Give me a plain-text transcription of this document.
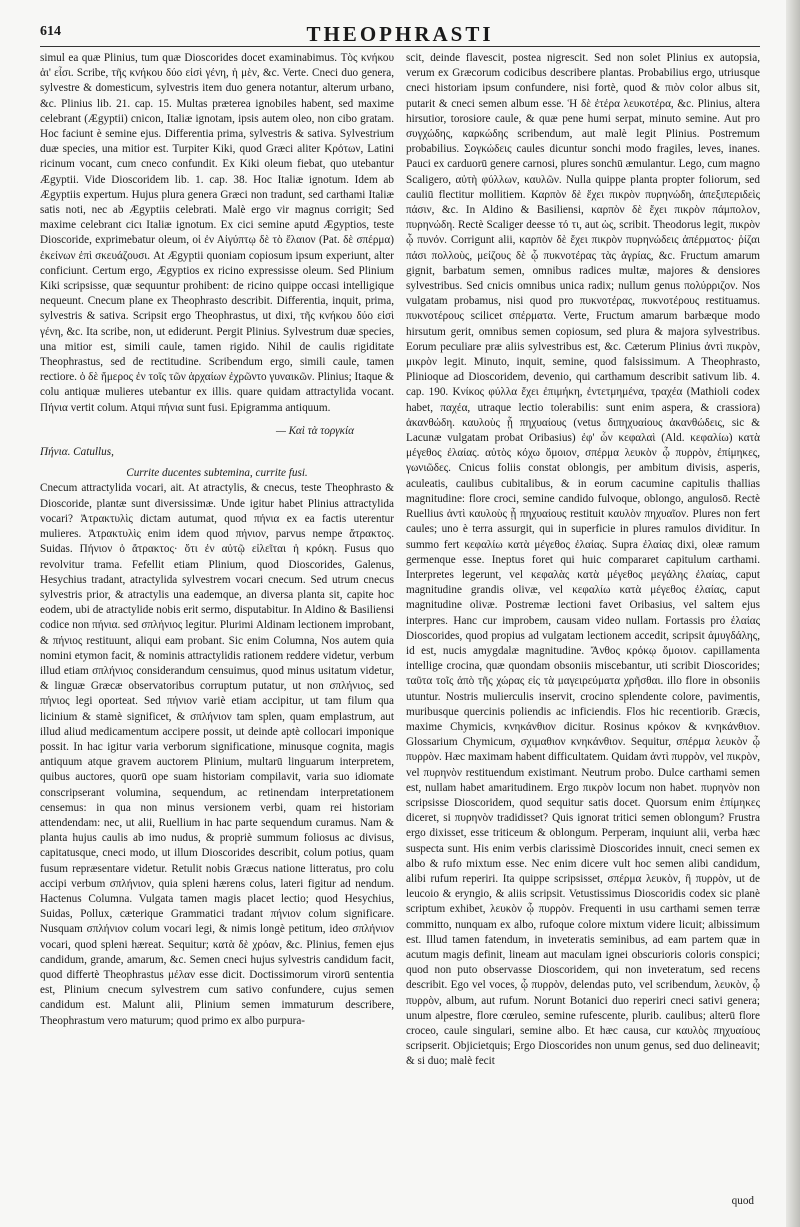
614	THEOPHRASTI

simul ea quæ Plinius, tum quæ Dioscorides docet examinabimus. Τὸς κνήκου ἁι' εἶσι. Scribe, τῆς κνήκου δύο εἰσὶ γένη, ἡ μὲν, &c. Verte. Cneci duo genera, sylvestre & domesticum, sylvestris item duo genera notantur, alterum urbano, &c. Plinius lib. 21. cap. 15. Multas præterea ignobiles habent, sed maxime celebrant (Ægyptii) cnicon, Italiæ ignotam, ipsis autem oleo, non cibo gratam. Hoc faciunt è semine ejus. Differentia prima, sylvestris & sativa. Sylvestrium duæ species, una mitior est. Turpiter Kiki, quod Græci aliter Κρότων, Latini ricinum vocant, cum cneco confundit. Ex Kiki oleum fiebat, quo utebantur Ægyptii. Vide Dioscoridem lib. 1. cap. 38. Hoc Italiæ ignotum. Idem ab Ægyptiis expertum. Hujus plura genera Græci non tradunt, sed carthami Italiæ satis noti, nec ab Ægyptiis celebrati. Malè ergo vir magnus corrigit; Sed maxime celebrant cicι Italiæ ignotum. Ex cici semine aputd Ægyptios, teste Dioscoride, exprimebatur oleum, οἱ ἐν Αἰγύπτῳ δὲ τὸ ἔλαιον (Pat. δὲ σπέρμα) ἐκείνων ἐπὶ σκευάζουσι. At Ægyptii quoniam copiosum ipsum experiunt, alter conficiunt. Certum ergo, Ægyptios ex ricino expressisse oleum. Sed Plinium Kiki scripsisse, quæ sequuntur prohibent: de ricino quippe occasi intelligique nequeunt. Cnecum plane ex Theophrasto describit. Differentia, inquit, prima, sylvestris & sativa. Scripsit ergo Theophrastus, ut dixi, τῆς κνήκου δύο εἰσὶ γένη, &c. Ita scribe, non, ut ediderunt. Pergit Plinius. Sylvestrum duæ species, una mitior est, simili caule, tamen rigido. Nihil de caulis rigiditate Theophrastus, sed de rectitudine. Scribendum ergo, simili caule, tamen rectiore. ὁ δὲ ἥμερος ἐν τοῖς τῶν ἀρχαίων ἐχρῶντο γυναικῶν. Plinius; Itaque & colu antiquæ mulieres utebantur ex illis. quare quidam attractylida vocant. Πήνια vertit colum. Atqui πήνια sunt fusi. Epigramma antiquum.

— Καὶ τὰ τοργκία

Πήνια. Catullus,

Currite ducentes subtemina, currite fusi.

Cnecum attractylida vocari, ait. At atractylis, & cnecus, teste Theophrasto & Dioscoride, plantæ sunt diversissimæ. Unde igitur habet Plinius attractylida vocari? Ἀτρακτυλὶς dictam autumat, quod πήνια ex ea factis uterentur mulieres. Ἀτρακτυλὶς enim idem quod πήνιον, parvus nempe ἄτρακτος. Suidas. Πήνιον ὁ ἄτρακτος· ὅτι ἐν αὐτῷ εἰλεῖται ἡ κρόκη. Fusus quo revolvitur trama. Fefellit etiam Plinium, quod Dioscorides, Galenus, Hesychius tradant, atractylida sylvestrem vocari cnecum. Sed utrum cnecus sylvestris prior, & atractylis una eademque, an diversa planta sit, capite hoc eodem, ubi de atractylide nobis erit sermo, disputabitur. In Aldino & Basiliensi codice non πήνια. sed σπλήνιος legitur. Plurimi Aldinam lectionem improbant, & πήνιος restituunt, aliqui eam probant. Sic enim Columna, Nos autem quia nomini etymon facit, & nominis attractylidis rationem reddere videtur, verbum illud etiam σπλήνιος considerandum censuimus, quod minus usitatum videtur, & linguæ Græcæ observatoribus corruptum putatur, ut non σπλήνιος, sed πήνιος legi oporteat. Sed πήνιον variè etiam accipitur, ut tam filum qua licinium & stamè significet, & σπλήνιον tam splen, quam emplastrum, aut illud aliud medicamentum accipere possit, ut deinde aptè collocari imponique possit. In hac igitur varia verborum significatione, minusque cognita, magis antiquum atque gravem auctorem Plinium, multarū linguarum interpretem, quibus auctores, quorū ope suam historiam compilavit, varia suo idiomate conscripserant volumina, sequendum, ac retinendam interpretationem censemus: in qua non minus versionem verbi, quam rei historiam attendendam: nec, ut alii, Ruellium in hac parte sequendum curamus. Nam & planta hujus caulis ab imo nudus, & propriè summum foliosus ac divisus, capitatusque, cneci modo, ut illum Dioscorides describit, colum potius, quam fusum repræsentare videtur. Retulit nobis Græcus natione litteratus, pro colu accipi verbum σπλήνιον, quia spleni hærens colus, lateri figitur ad nendum. Hactenus Columna. Vulgata tamen magis placet lectio; quod Hesychius, Suidas, Pollux, cæterique Grammatici tradant πήνιον colum significare. Nusquam σπλήνιον colum vocari legi, & nimis longè petitum, ideo σπλήνιον vocari, quod spleni hæreat. Sequitur; κατὰ δὲ χρόαν, &c. Plinius, femen ejus candidum, grande, amarum, &c. Semen cneci hujus sylvestris candidum facit, quod differtè Theophrastus μέλαν esse dicit. Doctissimorum virorū sententia est, Plinium cnecum sylvestrem cum sativo confundere, cujus semen candidum est. Malunt alii, Plinium semen immaturum describere, Theophrastum vero maturum; quod primo ex albo purpura-

scit, deinde flavescit, postea nigrescit. Sed non solet Plinius ex autopsia, verum ex Græcorum codicibus describere plantas. Probabilius ergo, utriusque cneci historiam ipsum confundere, nisi fortè, quod & πιὸν color albus sit, putarit & cneci semen album esse. Ἡ δὲ ἐτέρα λευκοτέρα, &c. Plinius, altera hirsutior, torosiore caule, & quæ pene humi serpat, minuto semine. Aut pro συγχώδης, καρκώδης scribendum, aut malè legit Plinius. Postremum probabilius. Σογκώδεις caules dicuntur sonchi modo fragiles, leves, inanes. Pauci ex carduorū genere carnosi, plures sonchū æmulantur. Lego, cum magno Scaligero, αὐτὴ φύλλων, καυλῶν. Nulla quippe planta propter foliorum, sed cauliū flectitur mollitiem. Καρπὸν δὲ ἔχει πικρὸν πυρηνώδη, ἀπεξιπεριδεὶς πάσιν, &c. In Aldino & Basiliensi, καρπὸν δὲ ἔχει πικρὸν πάμπολον, πυρηνώδη. Rectè Scaliger deesse τό τι, aut ὡς, scribit. Theodorus legit, πικρὸν ᾧ πυνόν. Corrigunt alii, καρπὸν δὲ ἔχει πικρὸν πυρηνώδεις ἀπέρματος· ῥίζαι πάσι πολλοὺς, μείζους δὲ ᾧ πυκνοτέρας τὰς ἀγρίας, &c. Fructum amarum gignit, barbatum semen, omnibus radices multæ, majores & densiores sylvestribus. Sed cnicis omnibus unica radix; nullum genus πολύρριζον. Nos vulgatam probamus, nisi quod pro πυκνοτέρας, πυκνοτέρους restituamus. πυκνοτέρους scilicet σπέρματα. Verte, Fructum amarum barbæque modo hirsutum gerit, omnibus semen copiosum, sed plura & majora sylvestribus. Eorum peculiare præ aliis sylvestribus est, &c. Cæterum Plinius ἀντὶ πικρὸν, μικρὸν legit. Minuto, inquit, semine, quod falsissimum. A Theophrasto, Plinioque ad Dioscoridem, devenio, qui carthamum describit sativum lib. 4. cap. 190. Κνίκος φύλλα ἔχει ἐπιμήκη, ἐντετμημένα, τραχέα (Mathioli codex habet, παχέα, utraque lectio tolerabilis: sunt enim aspera, & crassiora) ἀκανθώδη. καυλοὺς ᾗ πηχυαίους (vetus διπηχυαίους ἀκανθώδεις, sic & Lacunæ vulgatam probat Oribasius) ἐφ' ὧν κεφαλαὶ (Ald. κεφαλίω) κατὰ μέγεθος ἐλαίας. αὐτὸς κόχω ὅμοιον, σπέρμα λευκὸν ᾧ πυρρὸν, ἐπίμηκες, γωνιῶδες. Cnicus foliis constat oblongis, per ambitum divisis, asperis, aculeatis, caulibus cubitalibus, & in eorum cacumine capitulis thallias magnitudine: flore croci, semine candido fulvoque, oblongo, angulosō. Rectè Ruellius ἀντὶ καυλοὺς ᾗ πηχυαίους restituit καυλὸν πηχυαῖον. Plures non fert caules; uno è terra assurgit, qui in superficie in plures ramulos dividitur. In summo fert κεφαλίω κατὰ μέγεθος ἐλαίας. Supra ἐλαίας dixi, oleæ ramum germenque esse. Ineptus foret qui huic compararet capitulum carthami. Interpretes legerunt, vel κεφαλὰς κατὰ μέγεθος μεγάλης ἐλαίας, caput magnitudine grandis olivæ, vel κεφαλίω κατὰ μέγεθος ἐλαίας, caput magnitudine olivæ. Postremæ lectioni favet Oribasius, vel saltem ejus interpres. Hanc cur improbem, causam video nullam. Fortassis pro ἐλαίας Dioscorides, quod propius ad vulgatam lectionem accedit, scripsit ἀμυγδάλης, id est, nucis amygdalæ magnitudine. Ἄνθος κρόκῳ ὅμοιον. capillamenta intellige crocina, quæ quondam obsoniis miscebantur, uti scribit Dioscorides; ταῦτα τοῖς ἀπὸ τῆς χώρας εἰς τὰ μαγειρεύματα χρῆσθαι. illo flore in obsoniis utuntur. Nostris mulierculis inservit, crocino splendente colore, pavimentis, muribusque quercinis poliendis ac inficiendis. Flos hic recentiorib. Græcis, maxime Chymicis, κνηκάνθιον dicitur. Rosinus κρόκον & κνηκάνθιον. Glossarium Chymicum, σχιμαθιον κνηκάνθιον. Sequitur, σπέρμα λευκὸν ᾧ πυρρὸν. Hæc maximam habent difficultatem. Quidam ἀντὶ πυρρὸν, vel πικρὸν, vel πυρηνὸν restituendum existimant. Neutrum probo. Dulce carthami semen est, nullam habet amaritudinem. Ergo πικρὸν locum non habet. πυρηνὸν non scripsisse Dioscoridem, quod sequitur satis docet. Quorsum enim ἐπίμηκες diceret, si πυρηνὸν tradidisset? Quis ignorat tritici semen oblongum? Frustra ergo dixisset, esse triticeum & oblongum. Perperam, inquiunt alii, verba hæc suspecta sunt. His enim verbis clarissimè Dioscorides innuit, cneci semen ex albo & rufo mixtum esse. Nec enim dicere vult hoc semen alibi candidum, alibi rufum reperiri. Ita quippe scripsisset, σπέρμα λευκὸν, ἢ πυρρὸν, ut de leucoio & eryngio, & aliis scripsit. Vetustissimus Dioscoridis codex sic planè scriptum exhibet, λευκὸν ᾧ πυρρὸν. Frequenti in usu carthami semen terræ committo, nunquam ex albo, rufoque colore mixtum videre licuit; albissimum est. Illud tamen fatendum, in inveteratis seminibus, ad eam partem quæ in acutum magis definit, lineam aut maculam ignei obscurioris coloris conspici; quod non puto observasse Dioscoridem, qui non inveteratum, sed recens describit. Ego vel voces, ᾧ πυρρὸν, delendas puto, vel scribendum, λευκὸν, ᾧ πυρρὸν, album, aut rufum. Norunt Botanici duo reperiri cneci sativi genera; unum alpestre, flore cœruleo, semine rufescente, plurib. caulibus; alterū flore croceo, caule singulari, semine albo. Et hæc causa, cur καυλὸς πηχυαίους scripserit. Objicietquis; Ergo Dioscorides non unum genus, sed duo delineavit; & si duo; malè fecit

quod
